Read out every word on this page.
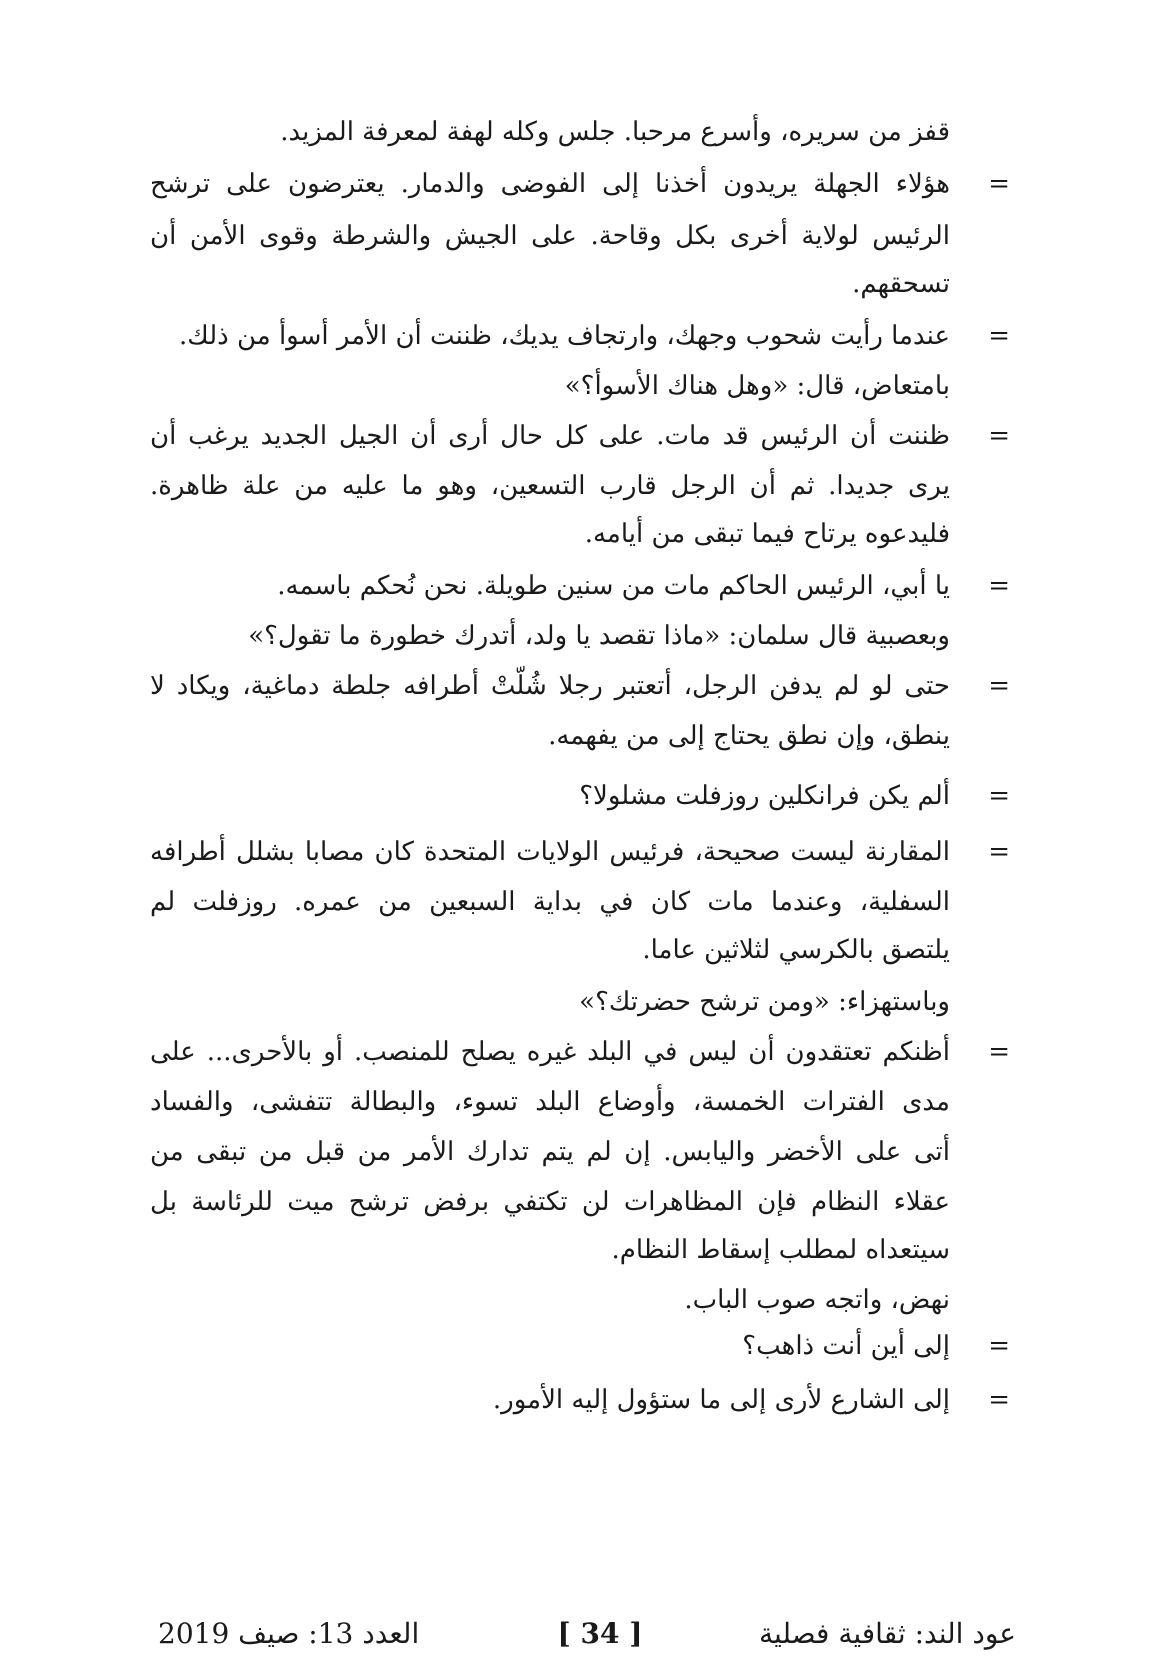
قفز من سريره، وأسرع مرحبا. جلس وكله لهفة لمعرفة المزيد.
=
هؤلاء الجهلة يريدون أخذنا إلى الفوضى والدمار. يعترضون على ترشح
الرئيس لولاية أخرى بكل وقاحة. على الجيش والشرطة وقوى الأمن أن
تسحقهم.
=
عندما رأيت شحوب وجهك، وارتجاف يديك، ظننت أن الأمر أسوأ من ذلك.
بامتعاض، قال: «وهل هناك الأسوأ؟»
=
ظننت أن الرئيس قد مات. على كل حال أرى أن الجيل الجديد يرغب أن
يرى جديدا. ثم أن الرجل قارب التسعين، وهو ما عليه من علة ظاهرة.
فليدعوه يرتاح فيما تبقى من أيامه.
=
يا أبي، الرئيس الحاكم مات من سنين طويلة. نحن نُحكم باسمه.
وبعصبية قال سلمان: «ماذا تقصد يا ولد، أتدرك خطورة ما تقول؟»
=
حتى لو لم يدفن الرجل، أتعتبر رجلا شُلّتْ أطرافه جلطة دماغية، ويكاد لا
ينطق، وإن نطق يحتاج إلى من يفهمه.
=
ألم يكن فرانكلين روزفلت مشلولا؟
=
المقارنة ليست صحيحة، فرئيس الولايات المتحدة كان مصابا بشلل أطرافه
السفلية، وعندما مات كان في بداية السبعين من عمره. روزفلت لم
يلتصق بالكرسي لثلاثين عاما.
وباستهزاء: «ومن ترشح حضرتك؟»
=
أظنكم تعتقدون أن ليس في البلد غيره يصلح للمنصب. أو بالأحرى... على
مدى الفترات الخمسة، وأوضاع البلد تسوء، والبطالة تتفشى، والفساد
أتى على الأخضر واليابس. إن لم يتم تدارك الأمر من قبل من تبقى من
عقلاء النظام فإن المظاهرات لن تكتفي برفض ترشح ميت للرئاسة بل
سيتعداه لمطلب إسقاط النظام.
نهض، واتجه صوب الباب.
=
إلى أين أنت ذاهب؟
=
إلى الشارع لأرى إلى ما ستؤول إليه الأمور.
عود الند: ثقافية فصلية
[ 34 ]
العدد 13: صيف 2019
